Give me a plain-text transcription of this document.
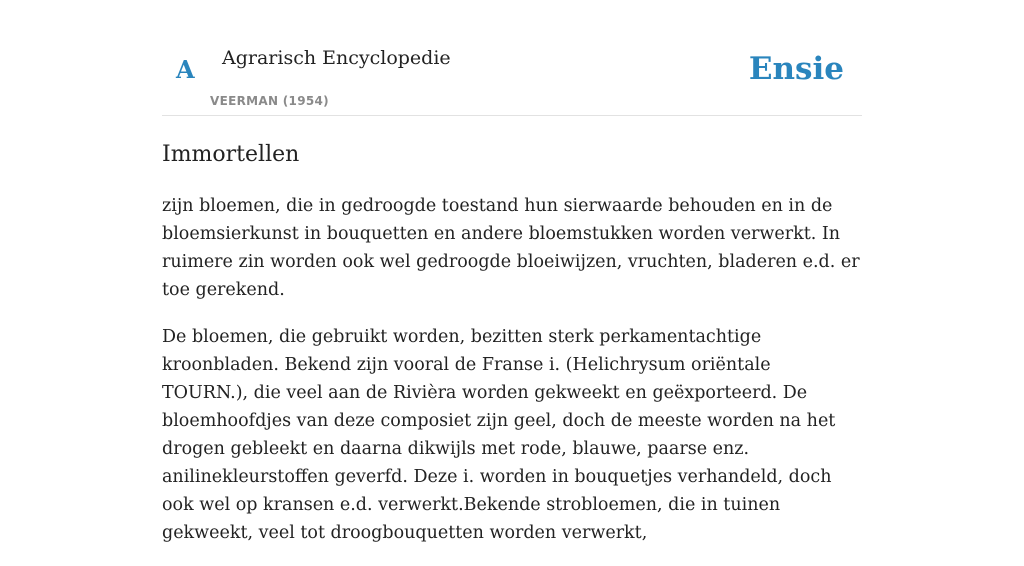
A Agrarisch Encyclopedie
VEERMAN (1954)
Ensie
Immortellen

zijn bloemen, die in gedroogde toestand hun sierwaarde behouden en in de bloemsierkunst in bouquetten en andere bloemstukken worden verwerkt. In ruimere zin worden ook wel gedroogde bloeiwijzen, vruchten, bladeren e.d. er toe gerekend.

De bloemen, die gebruikt worden, bezitten sterk perkamentachtige kroonbladen. Bekend zijn vooral de Franse i. (Helichrysum oriëntale TOURN.), die veel aan de Rivièra worden gekweekt en geëxporteerd. De bloemhoofdjes van deze composiet zijn geel, doch de meeste worden na het drogen gebleekt en daarna dikwijls met rode, blauwe, paarse enz. anilinekleurstoffen geverfd. Deze i. worden in bouquetjes verhandeld, doch ook wel op kransen e.d. verwerkt.Bekende strobloemen, die in tuinen gekweekt, veel tot droogbouquetten worden verwerkt,
